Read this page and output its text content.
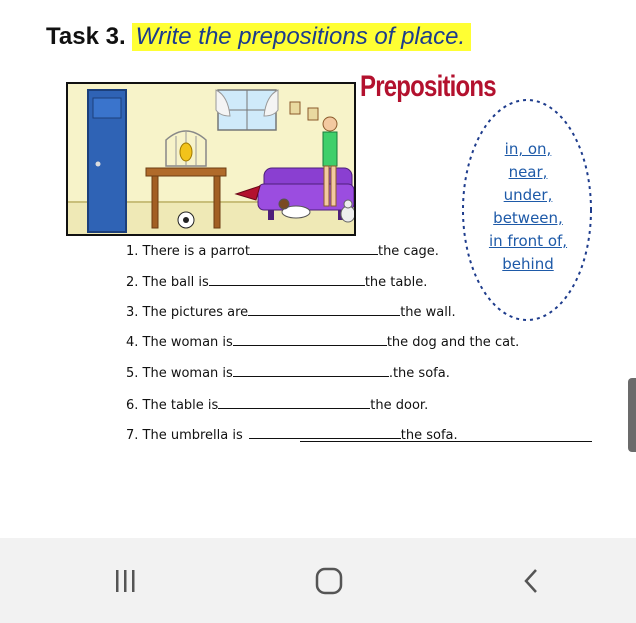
Task 3. Write the prepositions of place.
Prepositions
in, on,
near,
under,
between,
in front of,
behind
1. There is a parrot	the cage.
2. The ball is	the table.
3. The pictures are	the wall.
4. The woman is	the dog and the cat.
5. The woman is	.the sofa.
6. The table is	the door.
7. The umbrella is	the sofa.
